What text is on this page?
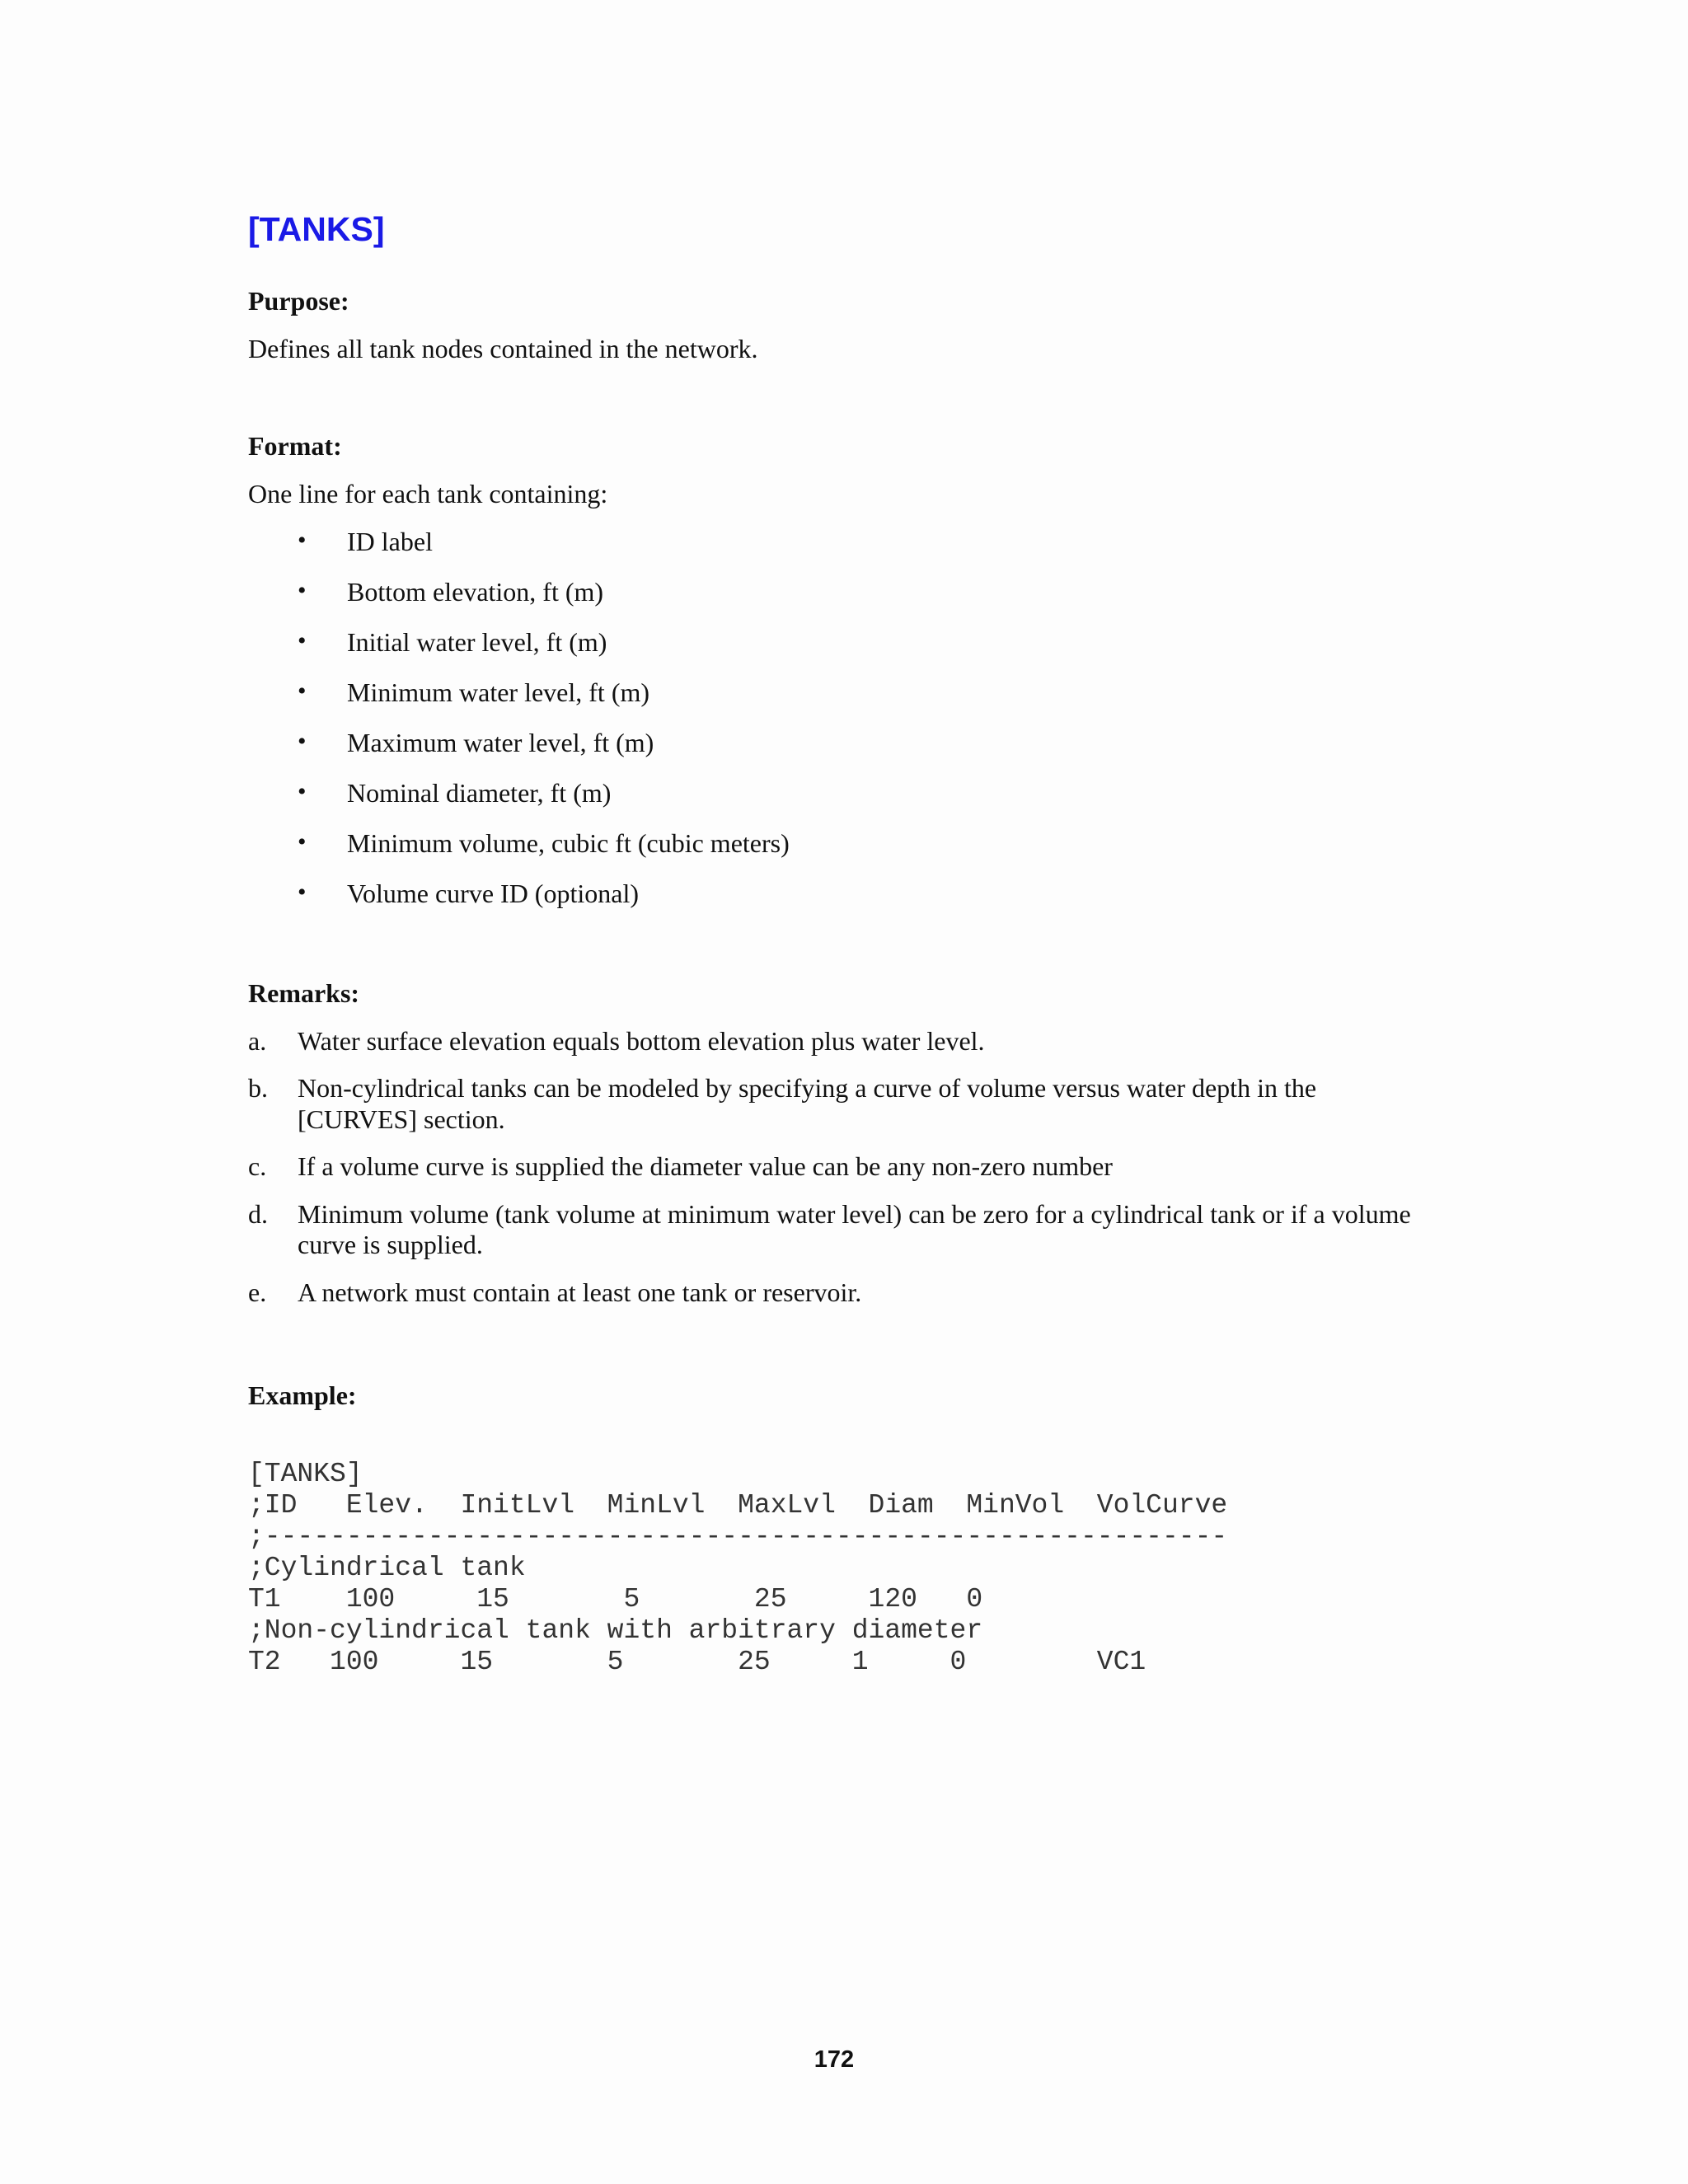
[TANKS]
Purpose:

Defines all tank nodes contained in the network.

Format:

One line for each tank containing:

• ID label
• Bottom elevation, ft (m)
• Initial water level, ft (m)
• Minimum water level, ft (m)
• Maximum water level, ft (m)
• Nominal diameter, ft (m)
• Minimum volume, cubic ft (cubic meters)
• Volume curve ID (optional)
Remarks:
a. Water surface elevation equals bottom elevation plus water level.
b. Non-cylindrical tanks can be modeled by specifying a curve of volume versus water depth in the [CURVES] section.
c. If a volume curve is supplied the diameter value can be any non-zero number
d. Minimum volume (tank volume at minimum water level) can be zero for a cylindrical tank or if a volume curve is supplied.
e. A network must contain at least one tank or reservoir.
Example:
[TANKS]
;ID   Elev.  InitLvl  MinLvl  MaxLvl  Diam  MinVol  VolCurve
;-----------------------------------------------------------
;Cylindrical tank
T1    100     15       5       25     120   0
;Non-cylindrical tank with arbitrary diameter
T2   100     15       5       25     1     0        VC1

172
